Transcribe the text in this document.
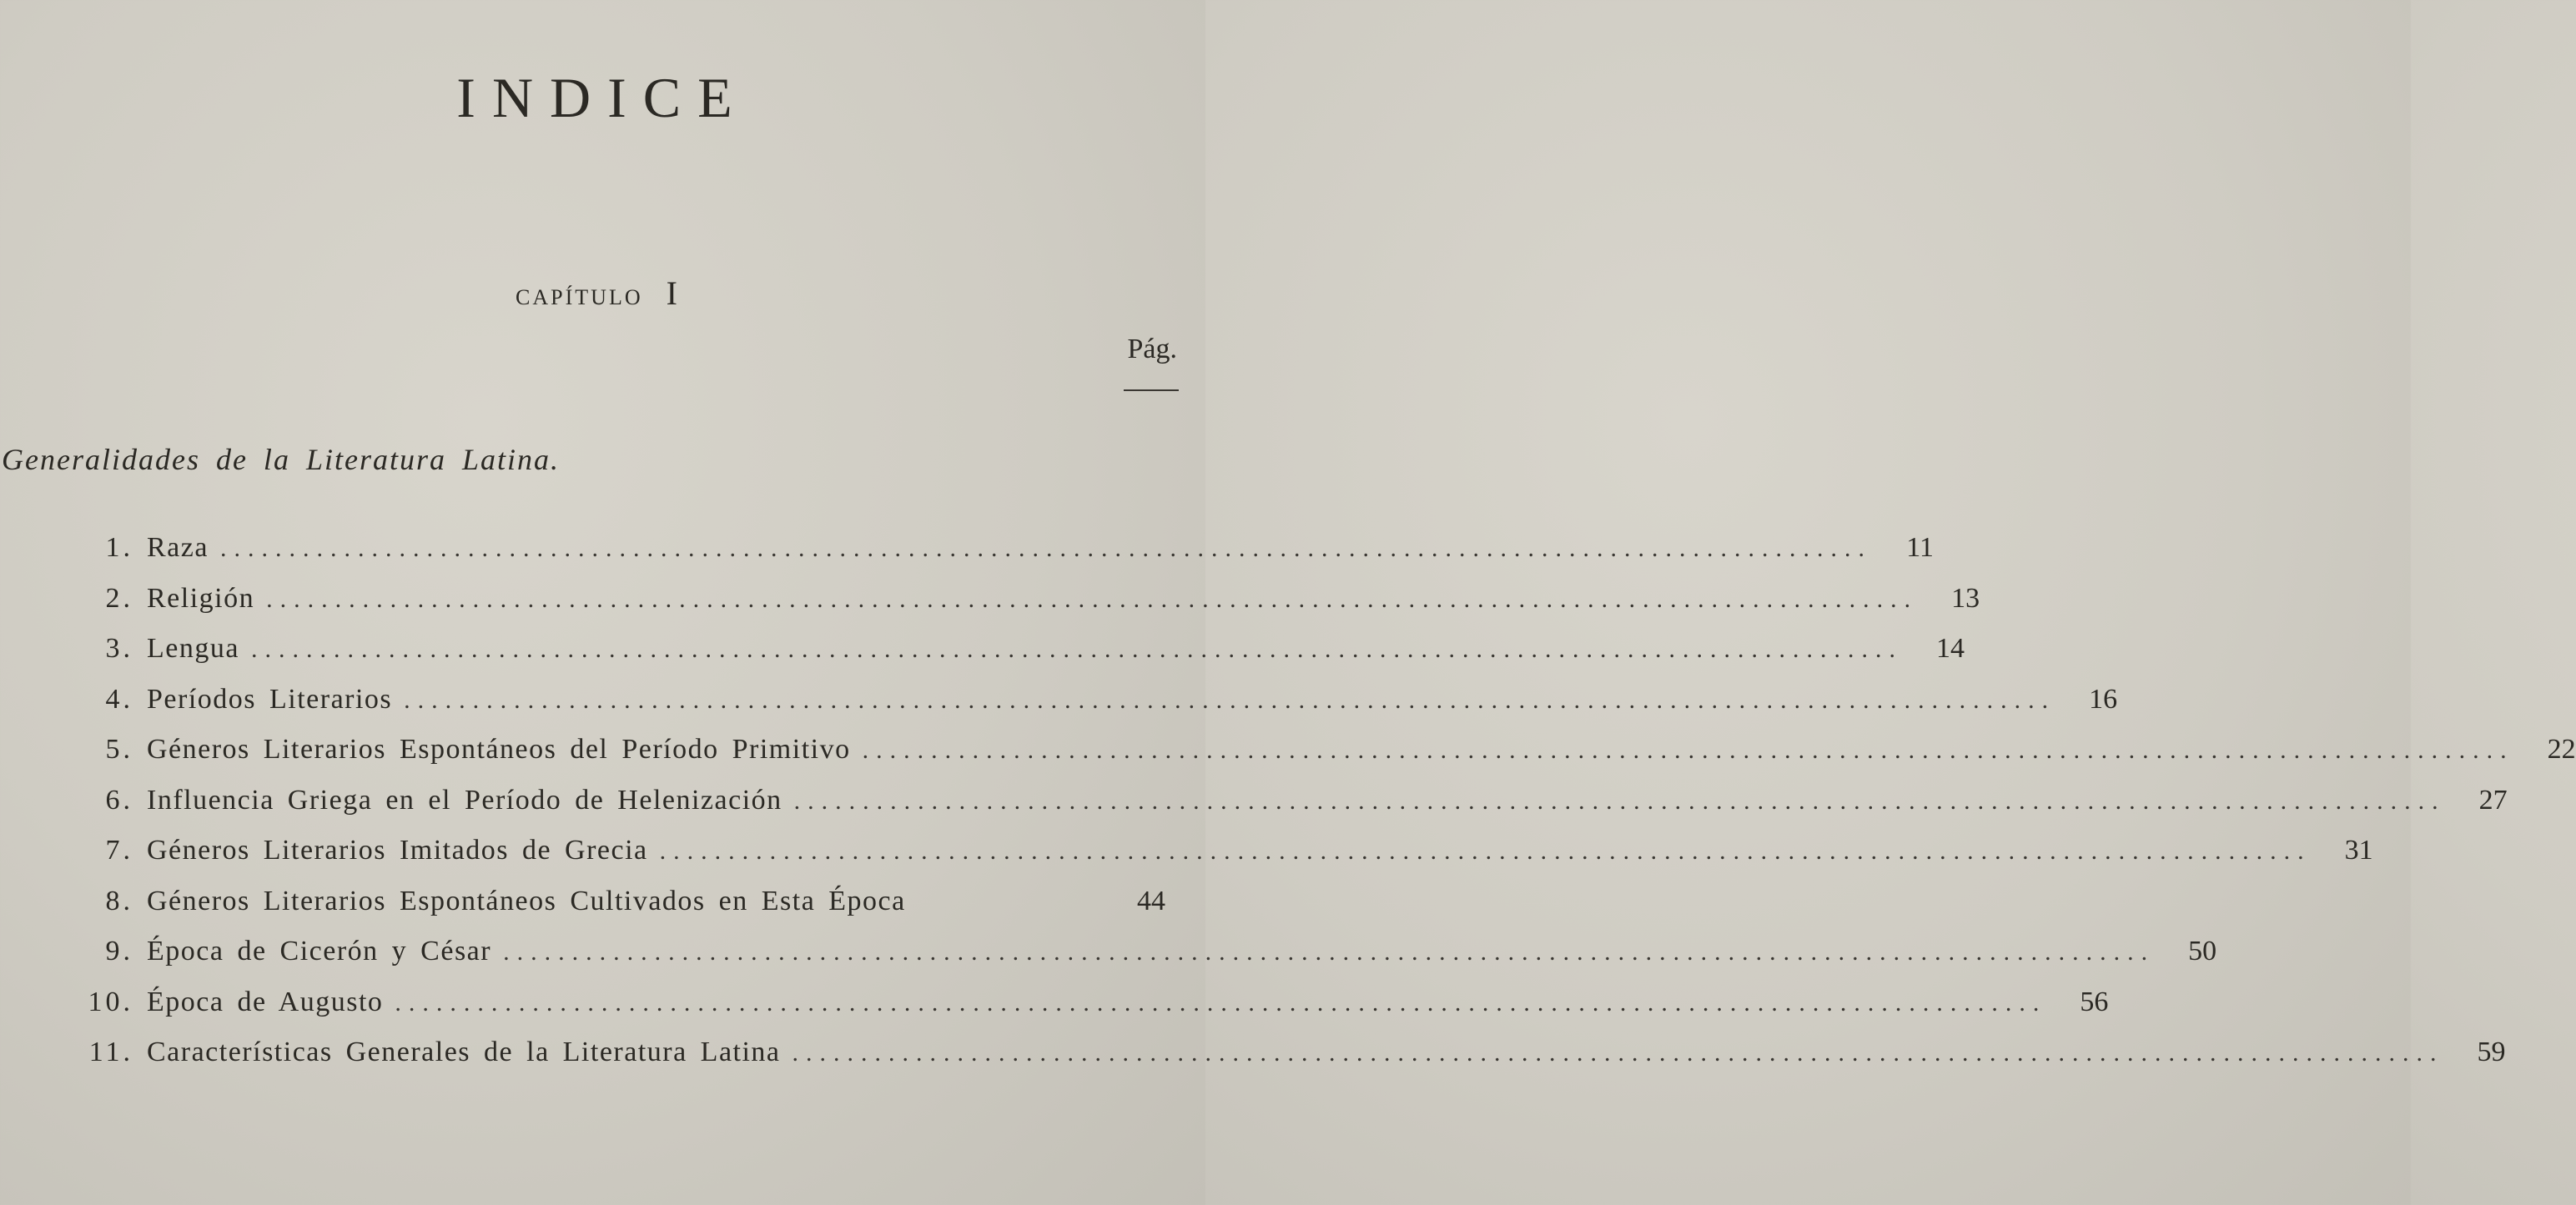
INDICE
CAPÍTULO I
Pág.
Generalidades de la Literatura Latina.
1. Raza ........................................................................................................................	11
2. Religión ........................................................................................................................	13
3. Lengua ........................................................................................................................	14
4. Períodos Literarios ........................................................................................................................	16
5. Géneros Literarios Espontáneos del Período Primitivo ........................................................................................................................	22
6. Influencia Griega en el Período de Helenización ........................................................................................................................	27
7. Géneros Literarios Imitados de Grecia ........................................................................................................................	31
8. Géneros Literarios Espontáneos Cultivados en Esta Época	44
9. Época de Cicerón y César ........................................................................................................................	50
10. Época de Augusto ........................................................................................................................	56
11. Características Generales de la Literatura Latina ........................................................................................................................	59
